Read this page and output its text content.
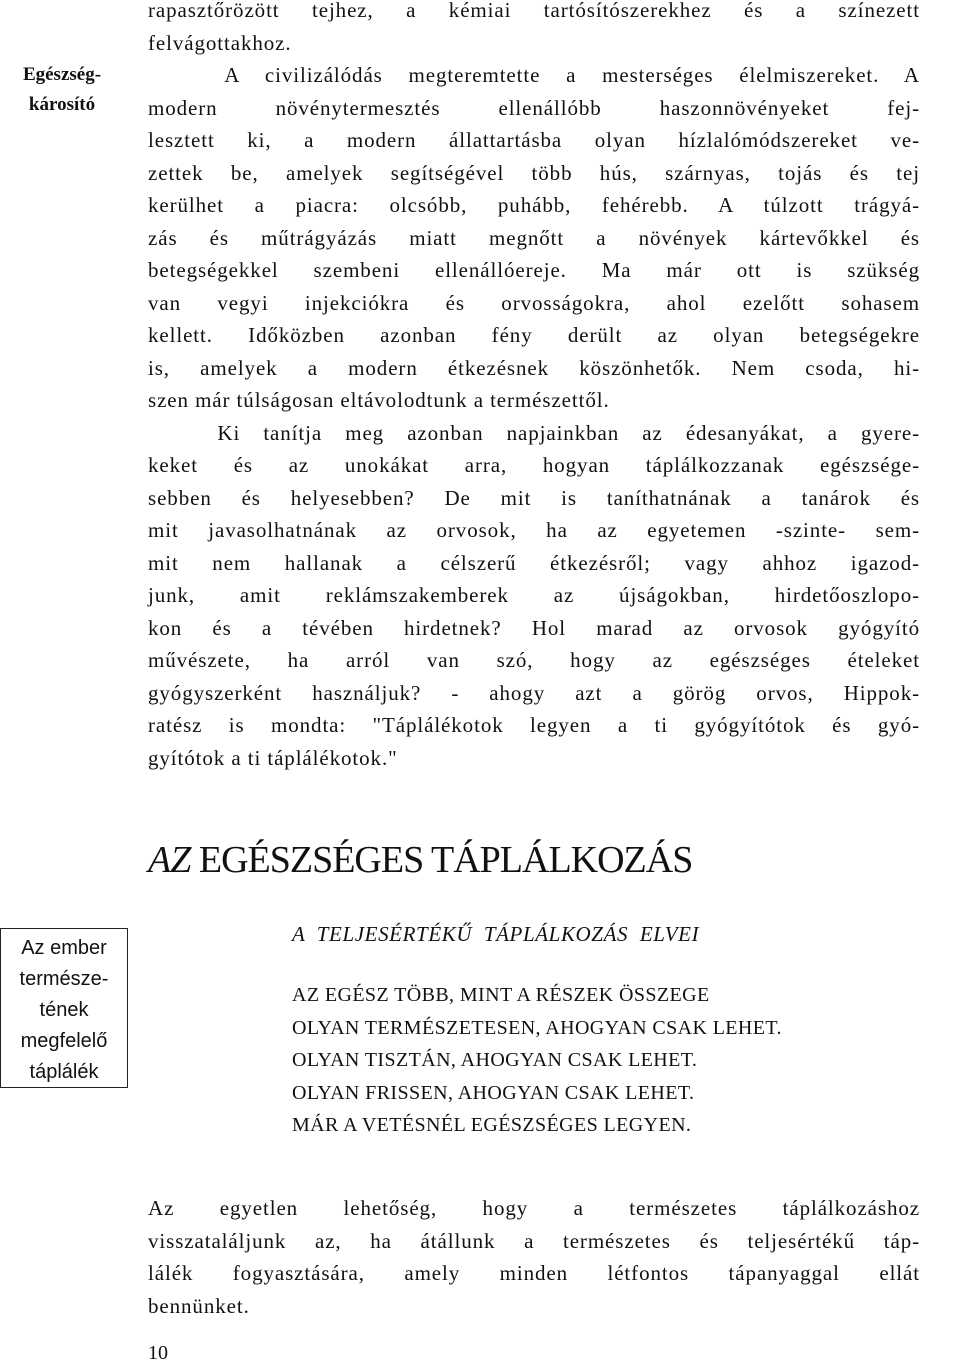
Egészség-
károsító
rapasztőrözött tejhez, a kémiai tartósítószerekhez és a színezett
felvágottakhoz.
A civilizálódás megteremtette a mesterséges élelmiszereket. A
modern növénytermesztés ellenállóbb haszonnövényeket fej-
lesztett ki, a modern állattartásba olyan hízlalómódszereket ve-
zettek be, amelyek segítségével több hús, szárnyas, tojás és tej
kerülhet a piacra: olcsóbb, puhább, fehérebb. A túlzott trágyá-
zás és műtrágyázás miatt megnőtt a növények kártevőkkel és
betegségekkel szembeni ellenállóereje. Ma már ott is szükség
van vegyi injekciókra és orvosságokra, ahol ezelőtt sohasem
kellett. Időközben azonban fény derült az olyan betegségekre
is, amelyek a modern étkezésnek köszönhetők. Nem csoda, hi-
szen már túlságosan eltávolodtunk a természettől.
Ki tanítja meg azonban napjainkban az édesanyákat, a gyere-
keket és az unokákat arra, hogyan táplálkozzanak egészsége-
sebben és helyesebben? De mit is taníthatnának a tanárok és
mit javasolhatnának az orvosok, ha az egyetemen -szinte- sem-
mit nem hallanak a célszerű étkezésről; vagy ahhoz igazod-
junk, amit reklámszakemberek az újságokban, hirdetőoszlopo-
kon és a tévében hirdetnek? Hol marad az orvosok gyógyító
művészete, ha arról van szó, hogy az egészséges ételeket
gyógyszerként használjuk? - ahogy azt a görög orvos, Hippok-
ratész is mondta: "Táplálékotok legyen a ti gyógyítótok és gyó-
gyítótok a ti táplálékotok."
AZ EGÉSZSÉGES TÁPLÁLKOZÁS
Az ember
természe-
tének
megfelelő
táplálék
A  TELJESÉRTÉKŰ  TÁPLÁLKOZÁS  ELVEI
AZ EGÉSZ TÖBB, MINT A RÉSZEK ÖSSZEGE
OLYAN TERMÉSZETESEN, AHOGYAN CSAK LEHET.
OLYAN TISZTÁN, AHOGYAN CSAK LEHET.
OLYAN FRISSEN, AHOGYAN CSAK LEHET.
MÁR A VETÉSNÉL EGÉSZSÉGES LEGYEN.
Az egyetlen lehetőség, hogy a természetes táplálkozáshoz
visszataláljunk az, ha átállunk a természetes és teljesértékű táp-
lálék fogyasztására, amely minden létfontos tápanyaggal ellát
bennünket.
10
